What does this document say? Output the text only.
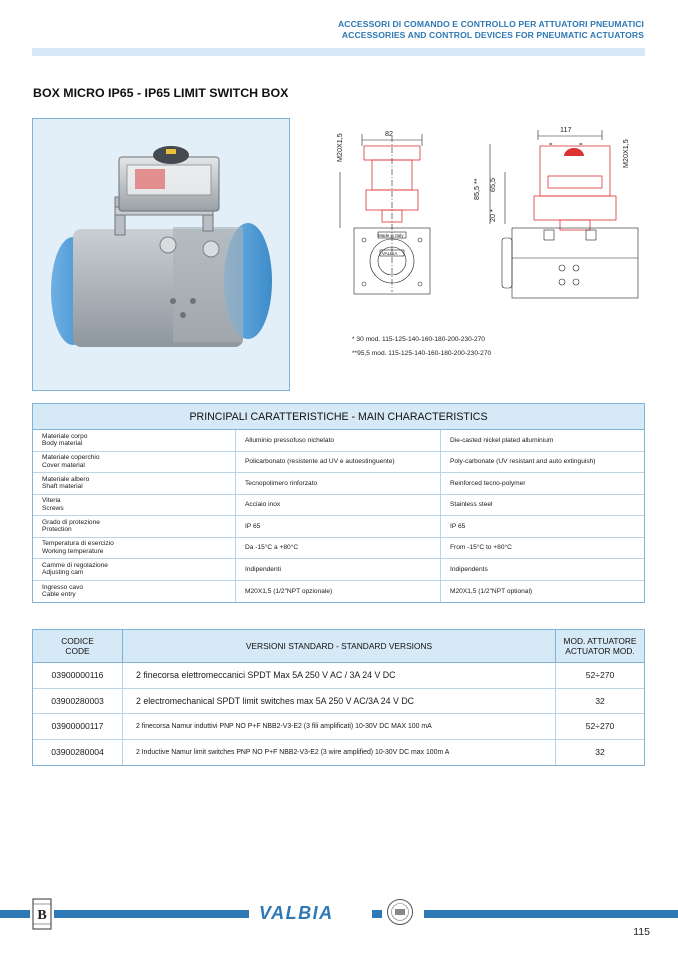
ACCESSORI DI COMANDO E CONTROLLO PER ATTUATORI PNEUMATICI
ACCESSORIES AND CONTROL DEVICES FOR PNEUMATIC ACTUATORS
BOX MICRO IP65 - IP65 LIMIT SWITCH BOX
82	117
=	=
M20X1,5	M20X1,5
85,5 ** 65,5
20 *
Made in Italy
VALBIA
* 30 mod. 115-125-140-160-180-200-230-270
**95,5 mod. 115-125-140-160-180-200-230-270
PRINCIPALI CARATTERISTICHE - MAIN CHARACTERISTICS
Materiale corpo
Body material	Alluminio pressofuso nichelato	Die-casted nickel plated alluminium
Materiale coperchio
Cover material	Policarbonato (resistente ad UV e autoestinguente)	Poly-carbonate (UV resistant and auto extinguish)
Materiale albero
Shaft material	Tecnopolimero rinforzato	Reinforced tecno-polymer
Viteria
Screws	Acciaio inox	Stainless steel
Grado di protezione
Protection	IP 65	IP 65
Temperatura di esercizio
Working temperature	Da -15°C a +80°C	From -15°C to +80°C
Camme di regolazione
Adjusting cam	Indipendenti	Indipendents
Ingresso cavo
Cable entry	M20X1,5 (1/2"NPT opzionale)	M20X1,5 (1/2"NPT optional)
CODICE
CODE	VERSIONI STANDARD - STANDARD VERSIONS	MOD. ATTUATORE
ACTUATOR MOD.
03900000116	2 finecorsa elettromeccanici SPDT Max 5A 250 V AC / 3A 24 V DC	52÷270
03900280003	2 electromechanical SPDT limit switches max 5A 250 V AC/3A 24 V DC	32
03900000117	2 finecorsa Namur induttivi PNP NO P+F NBB2-V3-E2 (3 fili amplificati) 10-30V DC MAX 100 mA	52÷270
03900280004	2 Inductive Namur limit switches PNP NO P+F NBB2-V3-E2 (3 wire amplified) 10-30V DC max 100m A	32
B	VALBIA
115
